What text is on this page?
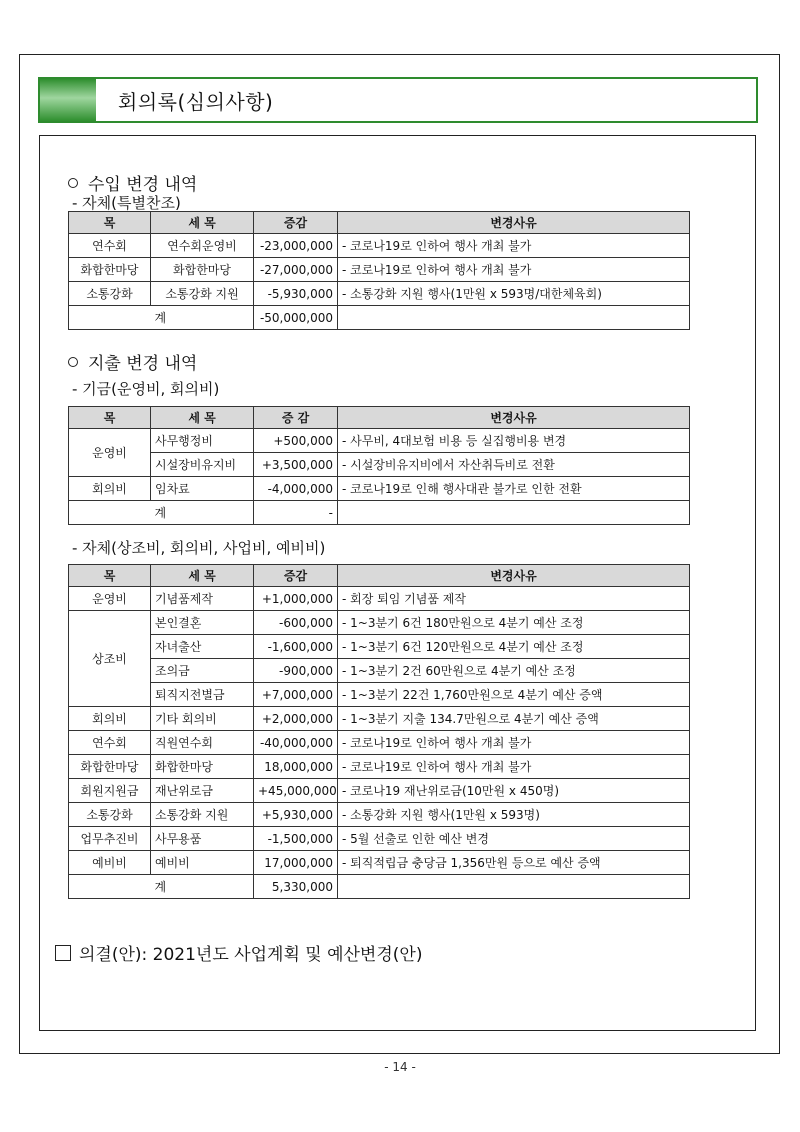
회의록(심의사항)
수입 변경 내역
- 자체(특별찬조)
목	세 목	증감	변경사유
연수회	연수회운영비	-23,000,000	- 코로나19로 인하여 행사 개최 불가
화합한마당	화합한마당	-27,000,000	- 코로나19로 인하여 행사 개최 불가
소통강화	소통강화 지원	-5,930,000	- 소통강화 지원 행사(1만원 x 593명/대한체육회)
	계	-50,000,000	
지출 변경 내역
- 기금(운영비, 회의비)
목	세 목	증 감	변경사유
운영비	사무행정비	+500,000	- 사무비, 4대보험 비용 등 실집행비용 변경
	시설장비유지비	+3,500,000	- 시설장비유지비에서 자산취득비로 전환
회의비	임차료	-4,000,000	- 코로나19로 인해 행사대관 불가로 인한 전환
	계	-	
- 자체(상조비, 회의비, 사업비, 예비비)
목	세 목	증감	변경사유
운영비	기념품제작	+1,000,000	- 회장 퇴임 기념품 제작
상조비	본인결혼	-600,000	- 1~3분기 6건 180만원으로 4분기 예산 조정
	자녀출산	-1,600,000	- 1~3분기 6건 120만원으로 4분기 예산 조정
	조의금	-900,000	- 1~3분기 2건 60만원으로 4분기 예산 조정
	퇴직지전별금	+7,000,000	- 1~3분기 22건 1,760만원으로 4분기 예산 증액
회의비	기타 회의비	+2,000,000	- 1~3분기 지출 134.7만원으로 4분기 예산 증액
연수회	직원연수회	-40,000,000	- 코로나19로 인하여 행사 개최 불가
화합한마당	화합한마당	18,000,000	- 코로나19로 인하여 행사 개최 불가
회원지원금	재난위로금	+45,000,000	- 코로나19 재난위로금(10만원 x 450명)
소통강화	소통강화 지원	+5,930,000	- 소통강화 지원 행사(1만원 x 593명)
업무추진비	사무용품	-1,500,000	- 5월 선출로 인한 예산 변경
예비비	예비비	17,000,000	- 퇴직적립금 충당금 1,356만원 등으로 예산 증액
	계	5,330,000	
의결(안): 2021년도 사업계획 및 예산변경(안)
- 14 -
